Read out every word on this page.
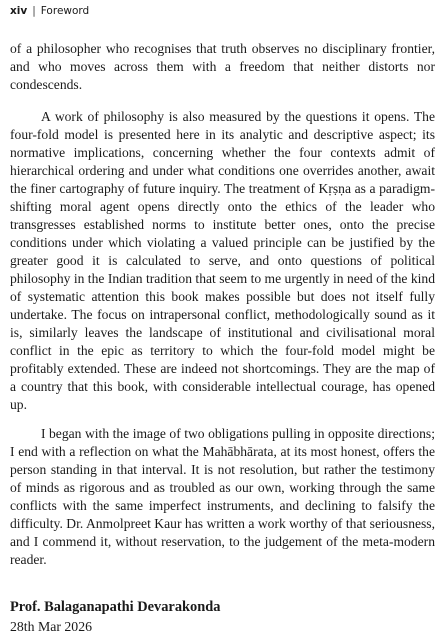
xiv | Foreword

of a philosopher who recognises that truth observes no disciplinary frontier, and who moves across them with a freedom that neither distorts nor condescends.

A work of philosophy is also measured by the questions it opens. The four-fold model is presented here in its analytic and descriptive aspect; its normative implications, concerning whether the four contexts admit of hierarchical ordering and under what conditions one overrides another, await the finer cartography of future inquiry. The treatment of Kṛṣṇa as a paradigm-shifting moral agent opens directly onto the ethics of the leader who transgresses established norms to institute better ones, onto the precise conditions under which violating a valued principle can be justified by the greater good it is calculated to serve, and onto questions of political philosophy in the Indian tradition that seem to me urgently in need of the kind of systematic attention this book makes possible but does not itself fully undertake. The focus on intrapersonal conflict, methodologically sound as it is, similarly leaves the landscape of institutional and civilisational moral conflict in the epic as territory to which the four-fold model might be profitably extended. These are indeed not shortcomings. They are the map of a country that this book, with considerable intellectual courage, has opened up.

I began with the image of two obligations pulling in opposite directions; I end with a reflection on what the Mahābhārata, at its most honest, offers the person standing in that interval. It is not resolution, but rather the testimony of minds as rigorous and as troubled as our own, working through the same conflicts with the same imperfect instruments, and declining to falsify the difficulty. Dr. Anmolpreet Kaur has written a work worthy of that seriousness, and I commend it, without reservation, to the judgement of the meta-modern reader.

Prof. Balaganapathi Devarakonda
28th Mar 2026
